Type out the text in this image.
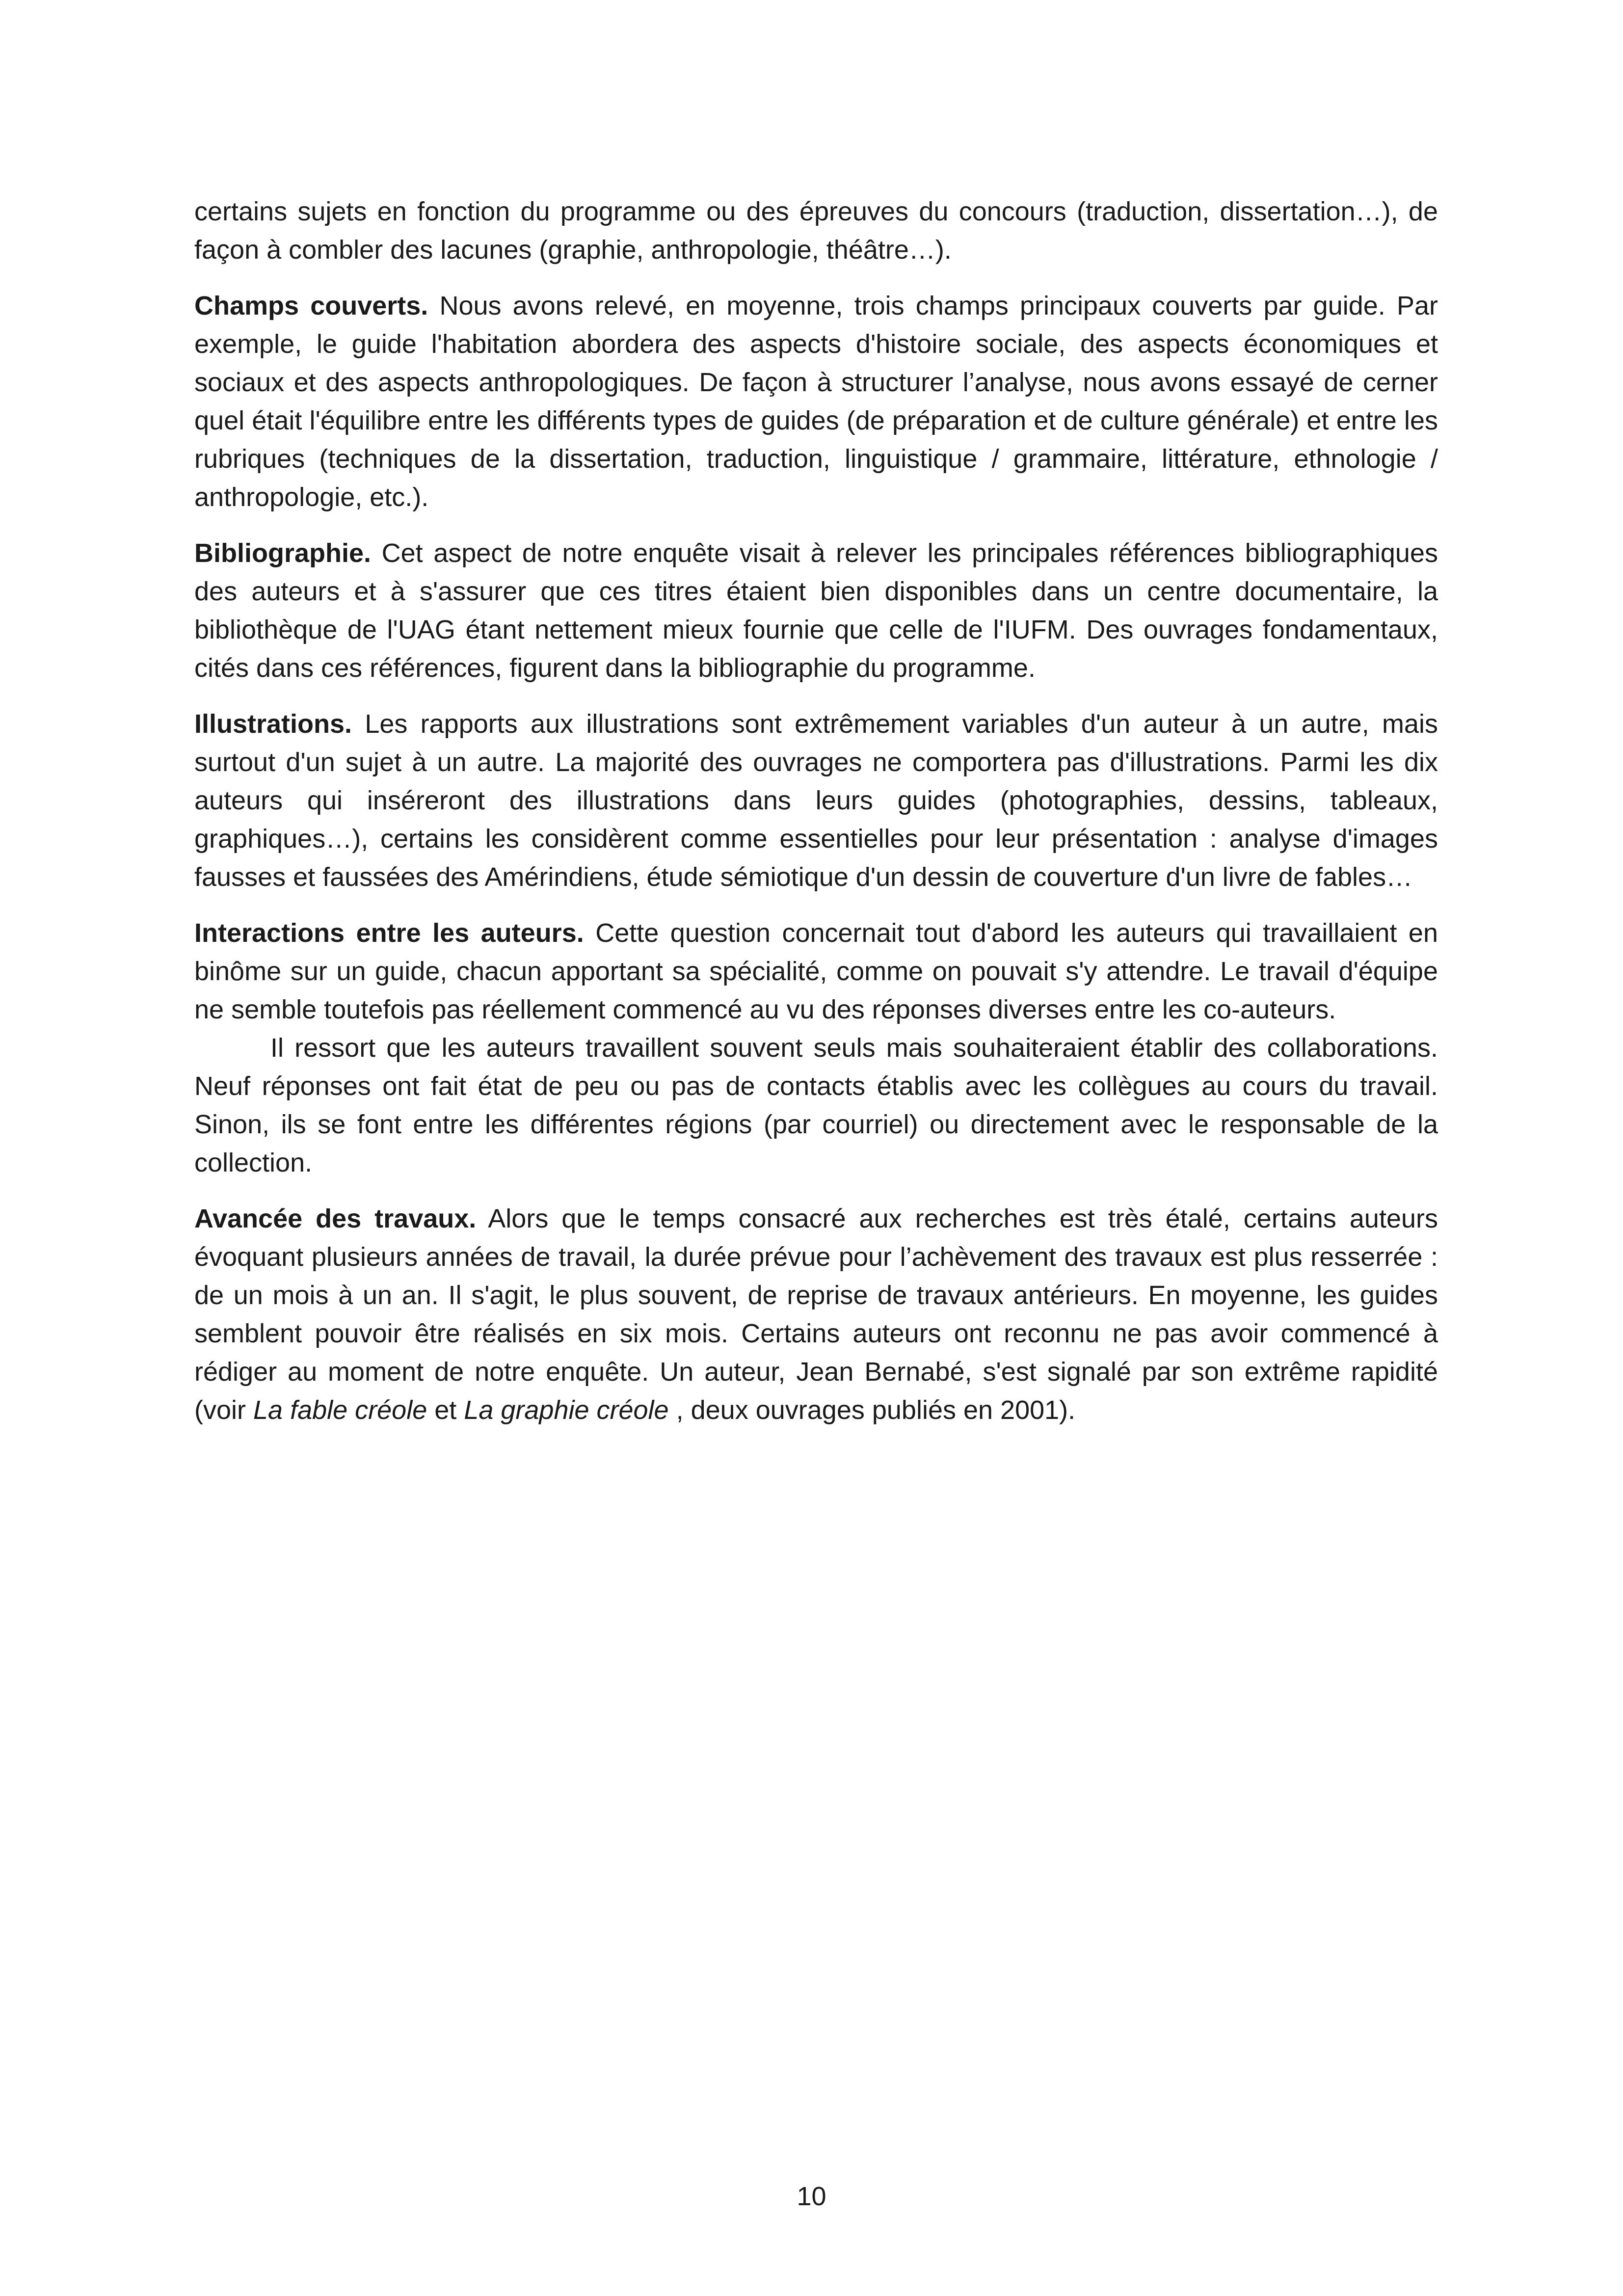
certains sujets en fonction du programme ou des épreuves du concours (traduction, dissertation…), de façon à combler des lacunes (graphie, anthropologie, théâtre…).

Champs couverts. Nous avons relevé, en moyenne, trois champs principaux couverts par guide. Par exemple, le guide l'habitation abordera des aspects d'histoire sociale, des aspects économiques et sociaux et des aspects anthropologiques. De façon à structurer l’analyse, nous avons essayé de cerner quel était l'équilibre entre les différents types de guides (de préparation et de culture générale) et entre les rubriques (techniques de la dissertation, traduction, linguistique / grammaire, littérature, ethnologie / anthropologie, etc.).

Bibliographie. Cet aspect de notre enquête visait à relever les principales références bibliographiques des auteurs et à s'assurer que ces titres étaient bien disponibles dans un centre documentaire, la bibliothèque de l'UAG étant nettement mieux fournie que celle de l'IUFM. Des ouvrages fondamentaux, cités dans ces références, figurent dans la bibliographie du programme.

Illustrations. Les rapports aux illustrations sont extrêmement variables d'un auteur à un autre, mais surtout d'un sujet à un autre. La majorité des ouvrages ne comportera pas d'illustrations. Parmi les dix auteurs qui inséreront des illustrations dans leurs guides (photographies, dessins, tableaux, graphiques…), certains les considèrent comme essentielles pour leur présentation : analyse d'images fausses et faussées des Amérindiens, étude sémiotique d'un dessin de couverture d'un livre de fables…

Interactions entre les auteurs. Cette question concernait tout d'abord les auteurs qui travaillaient en binôme sur un guide, chacun apportant sa spécialité, comme on pouvait s'y attendre. Le travail d'équipe ne semble toutefois pas réellement commencé au vu des réponses diverses entre les co-auteurs.

Il ressort que les auteurs travaillent souvent seuls mais souhaiteraient établir des collaborations. Neuf réponses ont fait état de peu ou pas de contacts établis avec les collègues au cours du travail. Sinon, ils se font entre les différentes régions (par courriel) ou directement avec le responsable de la collection.

Avancée des travaux. Alors que le temps consacré aux recherches est très étalé, certains auteurs évoquant plusieurs années de travail, la durée prévue pour l’achèvement des travaux est plus resserrée : de un mois à un an. Il s'agit, le plus souvent, de reprise de travaux antérieurs. En moyenne, les guides semblent pouvoir être réalisés en six mois. Certains auteurs ont reconnu ne pas avoir commencé à rédiger au moment de notre enquête. Un auteur, Jean Bernabé, s'est signalé par son extrême rapidité (voir La fable créole et La graphie créole , deux ouvrages publiés en 2001).

10
